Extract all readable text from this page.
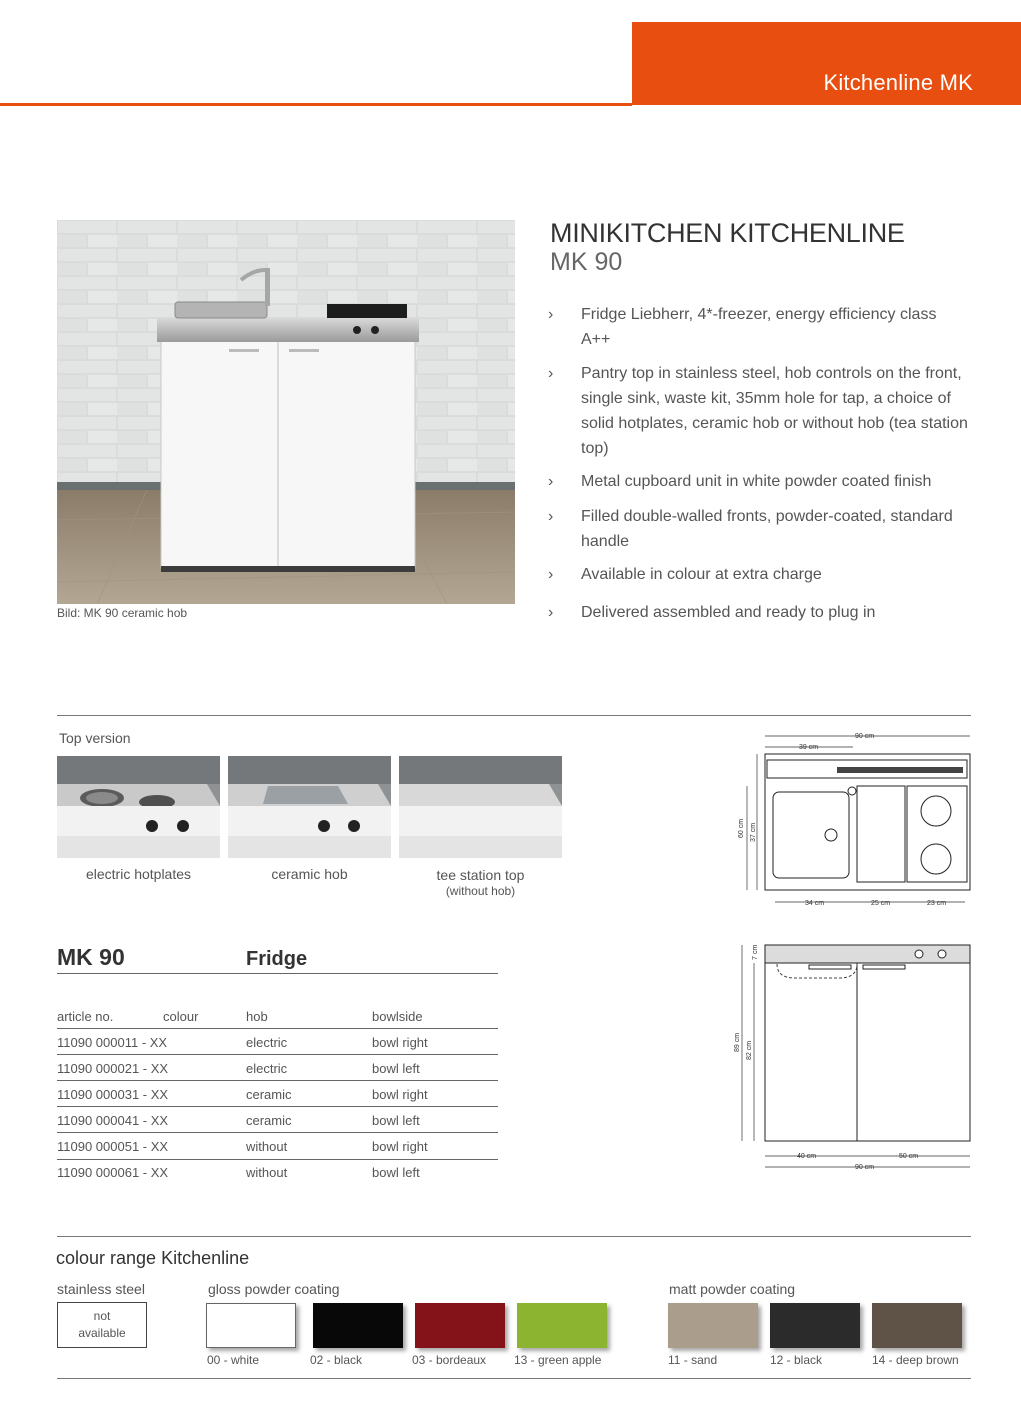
Kitchenline MK
Bild: MK 90 ceramic hob
MINIKITCHEN KITCHENLINE
MK 90
› Fridge Liebherr, 4*-freezer, energy efficiency class A++
› Pantry top in stainless steel, hob controls on the front, single sink, waste kit, 35mm hole for tap, a choice of solid hotplates, ceramic hob or without hob (tea station top)
› Metal cupboard unit in white powder coated finish
› Filled double-walled fronts, powder-coated, standard handle
› Available in colour at extra charge
› Delivered assembled and ready to plug in
Top version
electric hotplates	ceramic hob	tee station top
(without hob)
90 cm
39 cm
60 cm 37 cm
34 cm	25 cm	23 cm
7 cm
89 cm 82 cm
40 cm	50 cm
90 cm
MK 90	Fridge
article no.	colour	hob	bowlside
11090 000011 - XX	electric	bowl right
11090 000021 - XX	electric	bowl left
11090 000031 - XX	ceramic	bowl right
11090 000041 - XX	ceramic	bowl left
11090 000051 - XX	without	bowl right
11090 000061 - XX	without	bowl left
colour range Kitchenline
stainless steel	gloss powder coating	matt powder coating
not
available
00 - white	02 - black	03 - bordeaux 13 - green apple	11 - sand	12 - black	14 - deep brown
